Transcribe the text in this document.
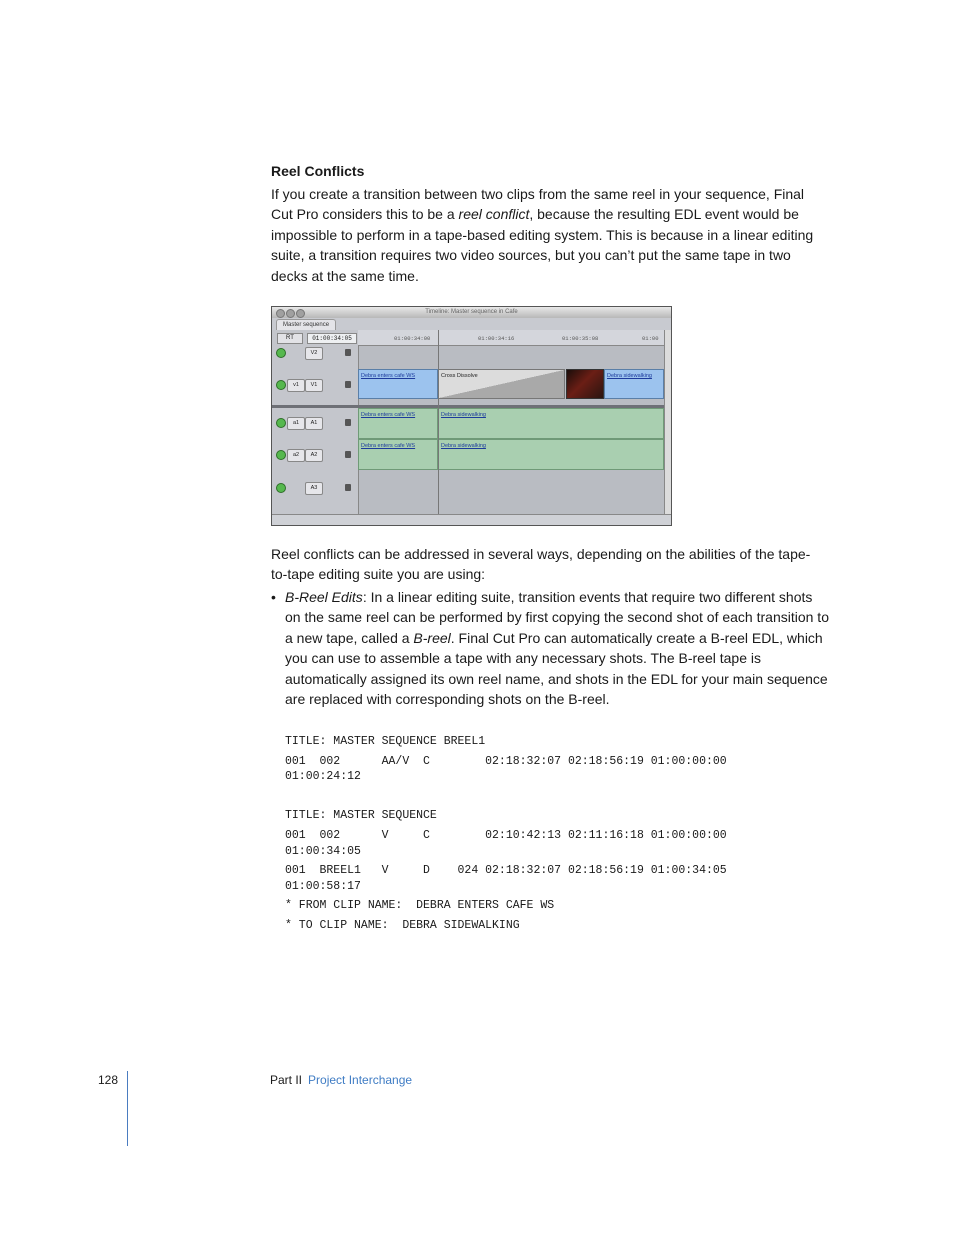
Reel Conflicts
If you create a transition between two clips from the same reel in your sequence, Final Cut Pro considers this to be a reel conflict, because the resulting EDL event would be impossible to perform in a tape-based editing system. This is because in a linear editing suite, a transition requires two video sources, but you can’t put the same tape in two decks at the same time.
Timeline: Master sequence in Cafe
Master sequence
RT	01:00:34:05	01:00:34:00	01:00:34:16	01:00:35:08	01:00
V2
v1	V1
a1	A1
a2	A2
A3
Debra enters cafe WS	Cross Dissolve	Debra sidewalking
Debra enters cafe WS	Debra sidewalking
Debra enters cafe WS	Debra sidewalking
Reel conflicts can be addressed in several ways, depending on the abilities of the tape-to-tape editing suite you are using:
• B-Reel Edits: In a linear editing suite, transition events that require two different shots on the same reel can be performed by first copying the second shot of each transition to a new tape, called a B-reel. Final Cut Pro can automatically create a B-reel EDL, which you can use to assemble a tape with any necessary shots. The B-reel tape is automatically assigned its own reel name, and shots in the EDL for your main sequence are replaced with corresponding shots on the B-reel.
TITLE: MASTER SEQUENCE BREEL1
001  002      AA/V  C        02:18:32:07 02:18:56:19 01:00:00:00
01:00:24:12
TITLE: MASTER SEQUENCE
001  002      V     C        02:10:42:13 02:11:16:18 01:00:00:00
01:00:34:05
001  BREEL1   V     D    024 02:18:32:07 02:18:56:19 01:00:34:05
01:00:58:17
* FROM CLIP NAME:  DEBRA ENTERS CAFE WS
* TO CLIP NAME:  DEBRA SIDEWALKING
128	Part II Project Interchange
